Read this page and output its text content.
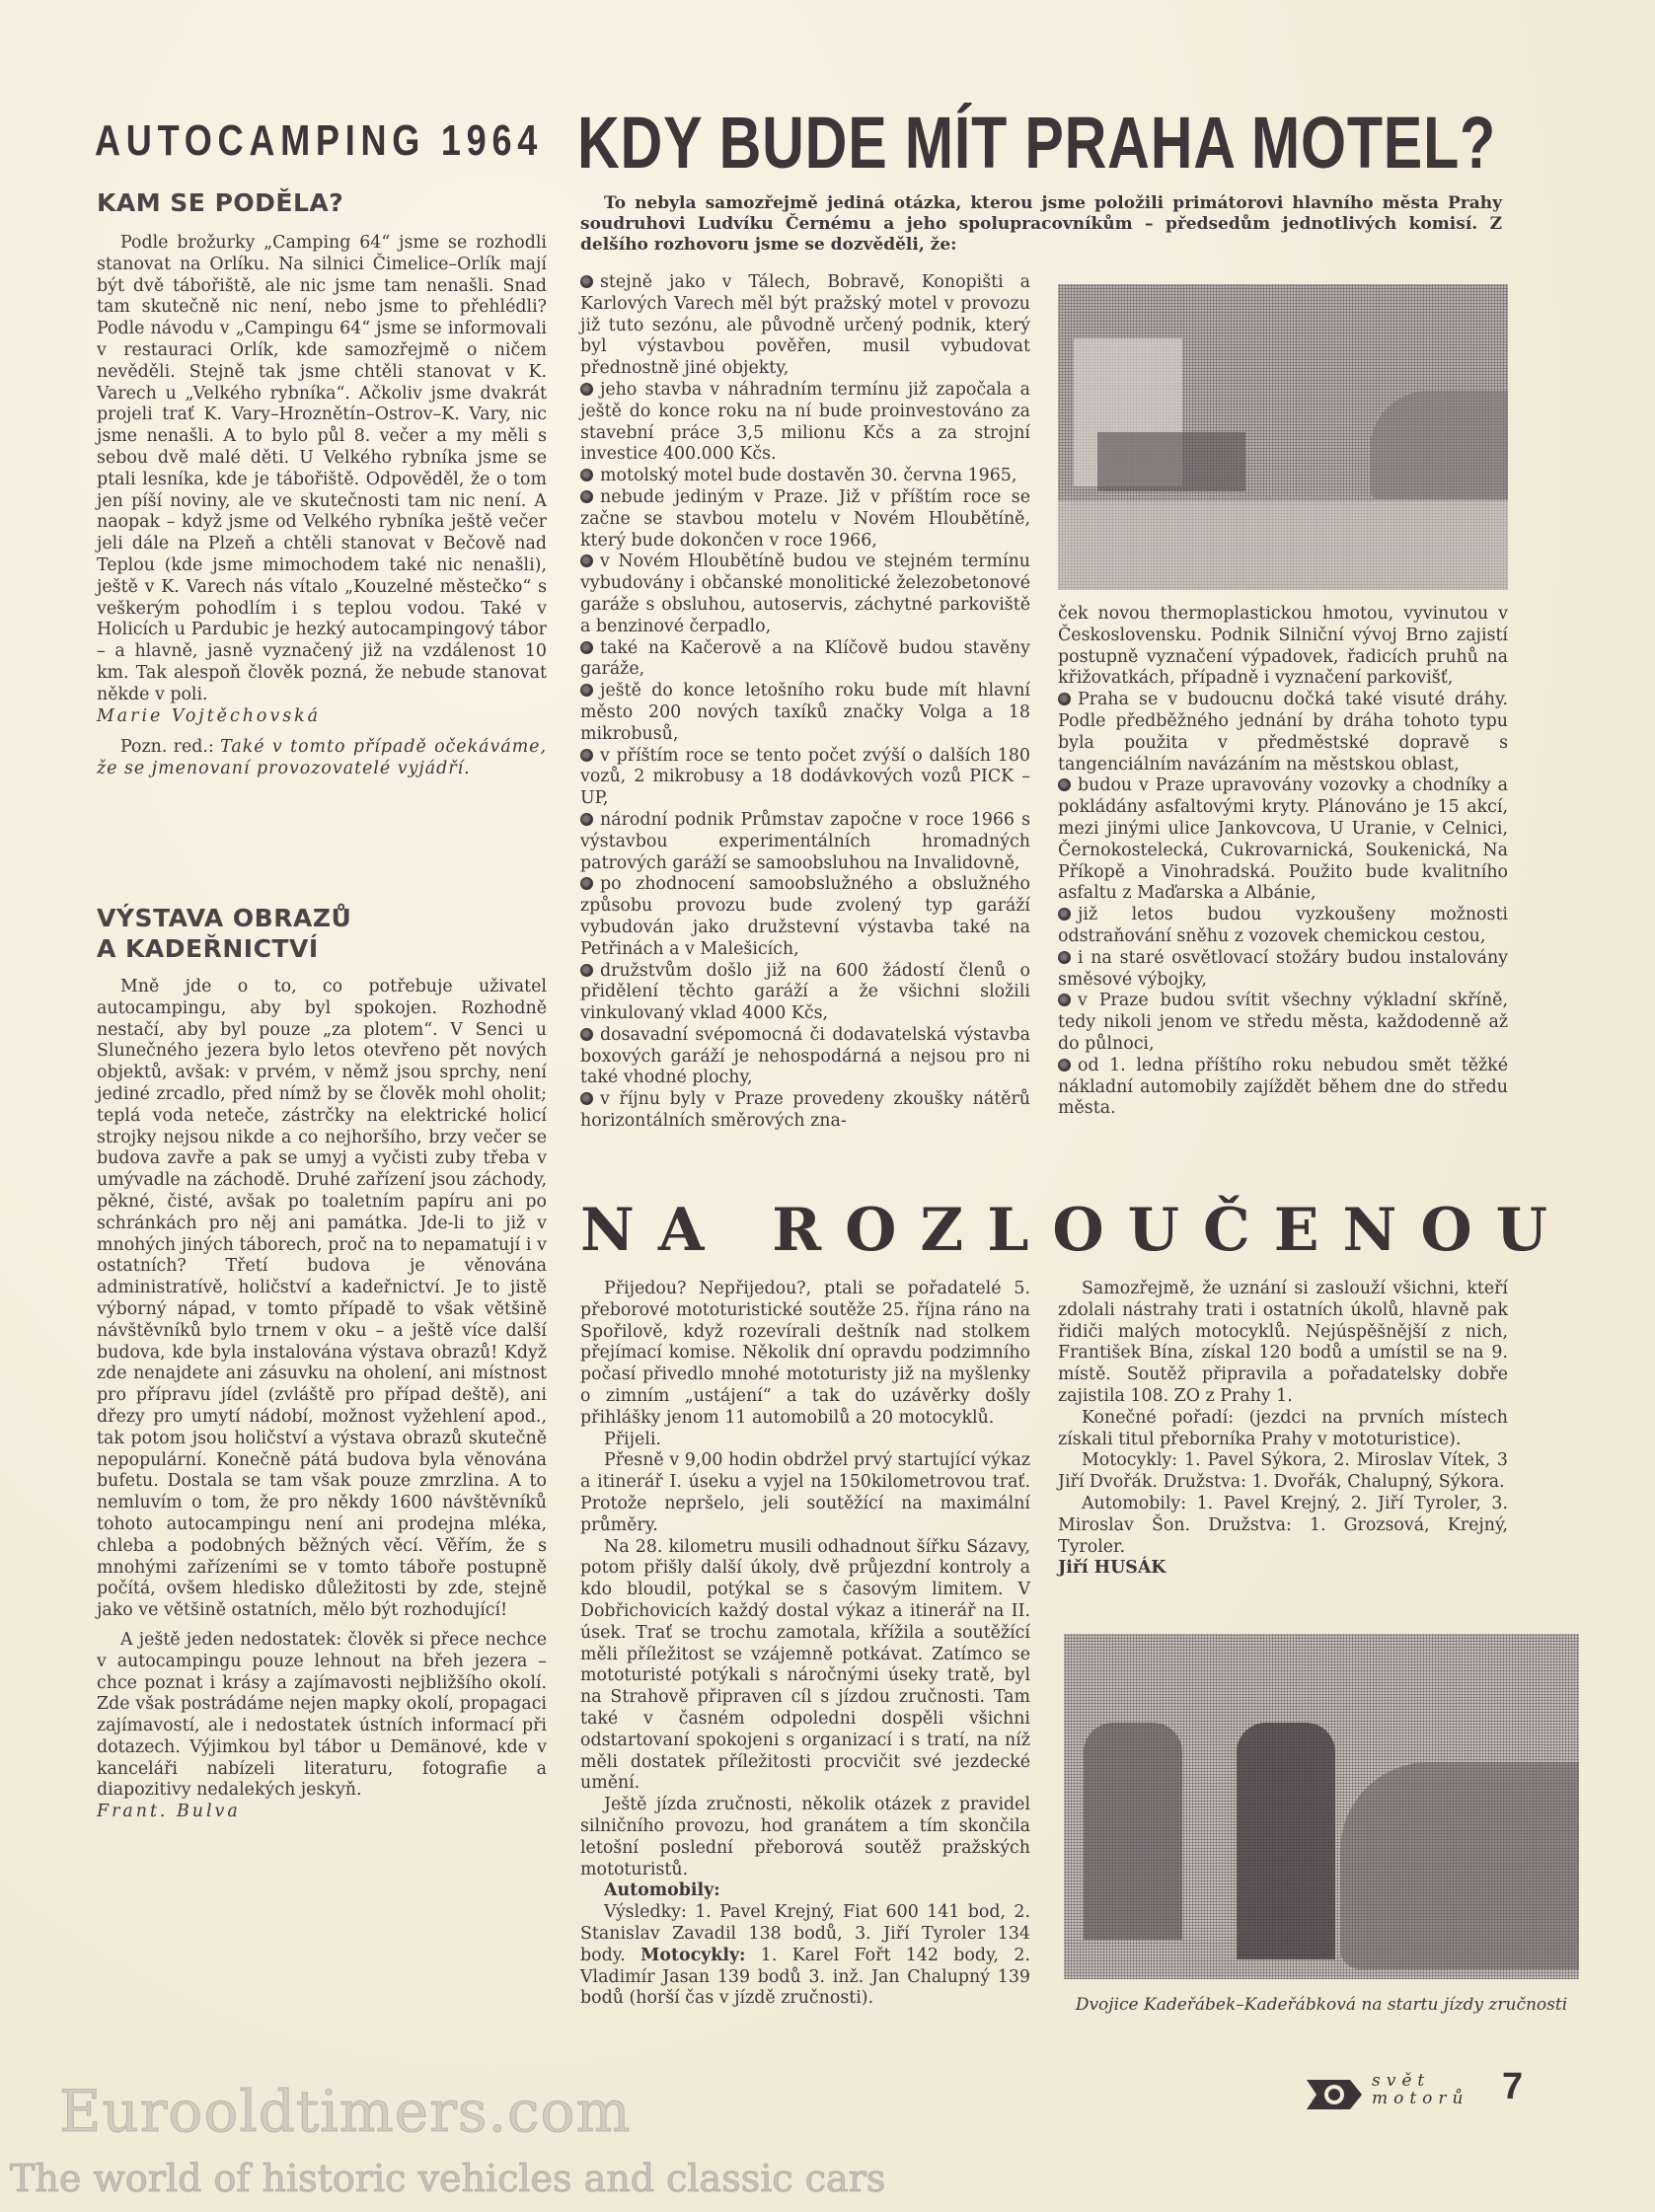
Eurooldtimers.com
The world of historic vehicles and classic cars
AUTOCAMPING 1964
KAM SE PODĚLA?

Podle brožurky „Camping 64“ jsme se rozhodli stanovat na Orlíku. Na silnici Čimelice–Orlík mají být dvě tábořiště, ale nic jsme tam nenašli. Snad tam skutečně nic není, nebo jsme to přehlédli? Podle návodu v „Campingu 64“ jsme se informovali v restauraci Orlík, kde samozřejmě o ničem nevěděli. Stejně tak jsme chtěli stanovat v K. Varech u „Velkého rybníka“. Ačkoliv jsme dvakrát projeli trať K. Vary–Hroznětín–Ostrov–K. Vary, nic jsme nenašli. A to bylo půl 8. večer a my měli s sebou dvě malé děti. U Velkého rybníka jsme se ptali lesníka, kde je tábořiště. Odpověděl, že o tom jen píší noviny, ale ve skutečnosti tam nic není. A naopak – když jsme od Velkého rybníka ještě večer jeli dále na Plzeň a chtěli stanovat v Bečově nad Teplou (kde jsme mimochodem také nic nenašli), ještě v K. Varech nás vítalo „Kouzelné městečko“ s veškerým pohodlím i s teplou vodou. Také v Holicích u Pardubic je hezký autocampingový tábor – a hlavně, jasně vyznačený již na vzdálenost 10 km. Tak alespoň člověk pozná, že nebude stanovat někde v poli.

Marie Vojtěchovská

Pozn. red.: Také v tomto případě očekáváme, že se jmenovaní provozovatelé vyjádří.

VÝSTAVA OBRAZŮ
A KADEŘNICTVÍ

Mně jde o to, co potřebuje uživatel autocampingu, aby byl spokojen. Rozhodně nestačí, aby byl pouze „za plotem“. V Senci u Slunečného jezera bylo letos otevřeno pět nových objektů, avšak: v prvém, v němž jsou sprchy, není jediné zrcadlo, před nímž by se člověk mohl oholit; teplá voda neteče, zástrčky na elektrické holicí strojky nejsou nikde a co nejhoršího, brzy večer se budova zavře a pak se umyj a vyčisti zuby třeba v umývadle na záchodě. Druhé zařízení jsou záchody, pěkné, čisté, avšak po toaletním papíru ani po schránkách pro něj ani památka. Jde-li to již v mnohých jiných táborech, proč na to nepamatují i v ostatních? Třetí budova je věnována administratívě, holičství a kadeřnictví. Je to jistě výborný nápad, v tomto případě to však většině návštěvníků bylo trnem v oku – a ještě více další budova, kde byla instalována výstava obrazů! Když zde nenajdete ani zásuvku na oholení, ani místnost pro přípravu jídel (zvláště pro případ deště), ani dřezy pro umytí nádobí, možnost vyžehlení apod., tak potom jsou holičství a výstava obrazů skutečně nepopulární. Konečně pátá budova byla věnována bufetu. Dostala se tam však pouze zmrzlina. A to nemluvím o tom, že pro někdy 1600 návštěvníků tohoto autocampingu není ani prodejna mléka, chleba a podobných běžných věcí. Věřím, že s mnohými zařízeními se v tomto táboře postupně počítá, ovšem hledisko důležitosti by zde, stejně jako ve většině ostatních, mělo být rozhodující!

A ještě jeden nedostatek: člověk si přece nechce v autocampingu pouze lehnout na břeh jezera – chce poznat i krásy a zajímavosti nejbližšího okolí. Zde však postrádáme nejen mapky okolí, propagaci zajímavostí, ale i nedostatek ústních informací při dotazech. Výjimkou byl tábor u Demänové, kde v kanceláři nabízeli literaturu, fotografie a diapozitivy nedalekých jeskyň.

Frant. Bulva

KDY BUDE MÍT PRAHA MOTEL?

To nebyla samozřejmě jediná otázka, kterou jsme položili primátorovi hlavního města Prahy soudruhovi Ludvíku Černému a jeho spolupracovníkům – předsedům jednotlivých komisí. Z delšího rozhovoru jsme se dozvěděli, že:

stejně jako v Tálech, Bobravě, Konopišti a Karlových Varech měl být pražský motel v provozu již tuto sezónu, ale původně určený podnik, který byl výstavbou pověřen, musil vybudovat přednostně jiné objekty,
jeho stavba v náhradním termínu již započala a ještě do konce roku na ní bude proinvestováno za stavební práce 3,5 milionu Kčs a za strojní investice 400.000 Kčs.
motolský motel bude dostavěn 30. června 1965,
nebude jediným v Praze. Již v příštím roce se začne se stavbou motelu v Novém Hloubětíně, který bude dokončen v roce 1966,
v Novém Hloubětíně budou ve stejném termínu vybudovány i občanské monolitické železobetonové garáže s obsluhou, autoservis, záchytné parkoviště a benzinové čerpadlo,
také na Kačerově a na Klíčově budou stavěny garáže,
ještě do konce letošního roku bude mít hlavní město 200 nových taxíků značky Volga a 18 mikrobusů,
v příštím roce se tento počet zvýší o dalších 180 vozů, 2 mikrobusy a 18 dodávkových vozů PICK – UP,
národní podnik Průmstav započne v roce 1966 s výstavbou experimentálních hromadných patrových garáží se samoobsluhou na Invalidovně,
po zhodnocení samoobslužného a obslužného způsobu provozu bude zvolený typ garáží vybudován jako družstevní výstavba také na Petřinách a v Malešicích,
družstvům došlo již na 600 žádostí členů o přidělení těchto garáží a že všichni složili vinkulovaný vklad 4000 Kčs,
dosavadní svépomocná či dodavatelská výstavba boxových garáží je nehospodárná a nejsou pro ni také vhodné plochy,
v říjnu byly v Praze provedeny zkoušky nátěrů horizontálních směrových zna-

ček novou thermoplastickou hmotou, vyvinutou v Československu. Podnik Silniční vývoj Brno zajistí postupně vyznačení výpadovek, řadicích pruhů na křižovatkách, případně i vyznačení parkovišť,

Praha se v budoucnu dočká také visuté dráhy. Podle předběžného jednání by dráha tohoto typu byla použita v předměstské dopravě s tangenciálním navázáním na městskou oblast,
budou v Praze upravovány vozovky a chodníky a pokládány asfaltovými kryty. Plánováno je 15 akcí, mezi jinými ulice Jankovcova, U Uranie, v Celnici, Černokostelecká, Cukrovarnická, Soukenická, Na Příkopě a Vinohradská. Použito bude kvalitního asfaltu z Maďarska a Albánie,
již letos budou vyzkoušeny možnosti odstraňování sněhu z vozovek chemickou cestou,
i na staré osvětlovací stožáry budou instalovány směsové výbojky,
v Praze budou svítit všechny výkladní skříně, tedy nikoli jenom ve středu města, každodenně až do půlnoci,
od 1. ledna příštího roku nebudou smět těžké nákladní automobily zajíždět během dne do středu města.
NA ROZLOUČENOU

Přijedou? Nepřijedou?, ptali se pořadatelé 5. přeborové mototuristické soutěže 25. října ráno na Spořilově, když rozevírali deštník nad stolkem přejímací komise. Několik dní opravdu podzimního počasí přivedlo mnohé mototuristy již na myšlenky o zimním „ustájení“ a tak do uzávěrky došly přihlášky jenom 11 automobilů a 20 motocyklů.

Přijeli.

Přesně v 9,00 hodin obdržel prvý startující výkaz a itinerář I. úseku a vyjel na 150kilometrovou trať. Protože nepršelo, jeli soutěžící na maximální průměry.

Na 28. kilometru musili odhadnout šířku Sázavy, potom přišly další úkoly, dvě průjezdní kontroly a kdo bloudil, potýkal se s časovým limitem. V Dobřichovicích každý dostal výkaz a itinerář na II. úsek. Trať se trochu zamotala, křížila a soutěžící měli příležitost se vzájemně potkávat. Zatímco se mototuristé potýkali s náročnými úseky tratě, byl na Strahově připraven cíl s jízdou zručnosti. Tam také v časném odpoledni dospěli všichni odstartovaní spokojeni s organizací i s tratí, na níž měli dostatek příležitosti procvičit své jezdecké umění.

Ještě jízda zručnosti, několik otázek z pravidel silničního provozu, hod granátem a tím skončila letošní poslední přeborová soutěž pražských mototuristů.

Automobily:

Výsledky: 1. Pavel Krejný, Fiat 600 141 bod, 2. Stanislav Zavadil 138 bodů, 3. Jiří Tyroler 134 body. Motocykly: 1. Karel Fořt 142 body, 2. Vladimír Jasan 139 bodů 3. inž. Jan Chalupný 139 bodů (horší čas v jízdě zručnosti).

Samozřejmě, že uznání si zaslouží všichni, kteří zdolali nástrahy trati i ostatních úkolů, hlavně pak řidiči malých motocyklů. Nejúspěšnější z nich, František Bína, získal 120 bodů a umístil se na 9. místě. Soutěž připravila a pořadatelsky dobře zajistila 108. ZO z Prahy 1.

Konečné pořadí: (jezdci na prvních místech získali titul přeborníka Prahy v mototuristice).

Motocykly: 1. Pavel Sýkora, 2. Miroslav Vítek, 3 Jiří Dvořák. Družstva: 1. Dvořák, Chalupný, Sýkora.

Automobily: 1. Pavel Krejný, 2. Jiří Tyroler, 3. Miroslav Šon. Družstva: 1. Grozsová, Krejný, Tyroler.

Jiří HUSÁK

Dvojice Kadeřábek–Kadeřábková na startu jízdy zručnosti
svět
motorů 7
